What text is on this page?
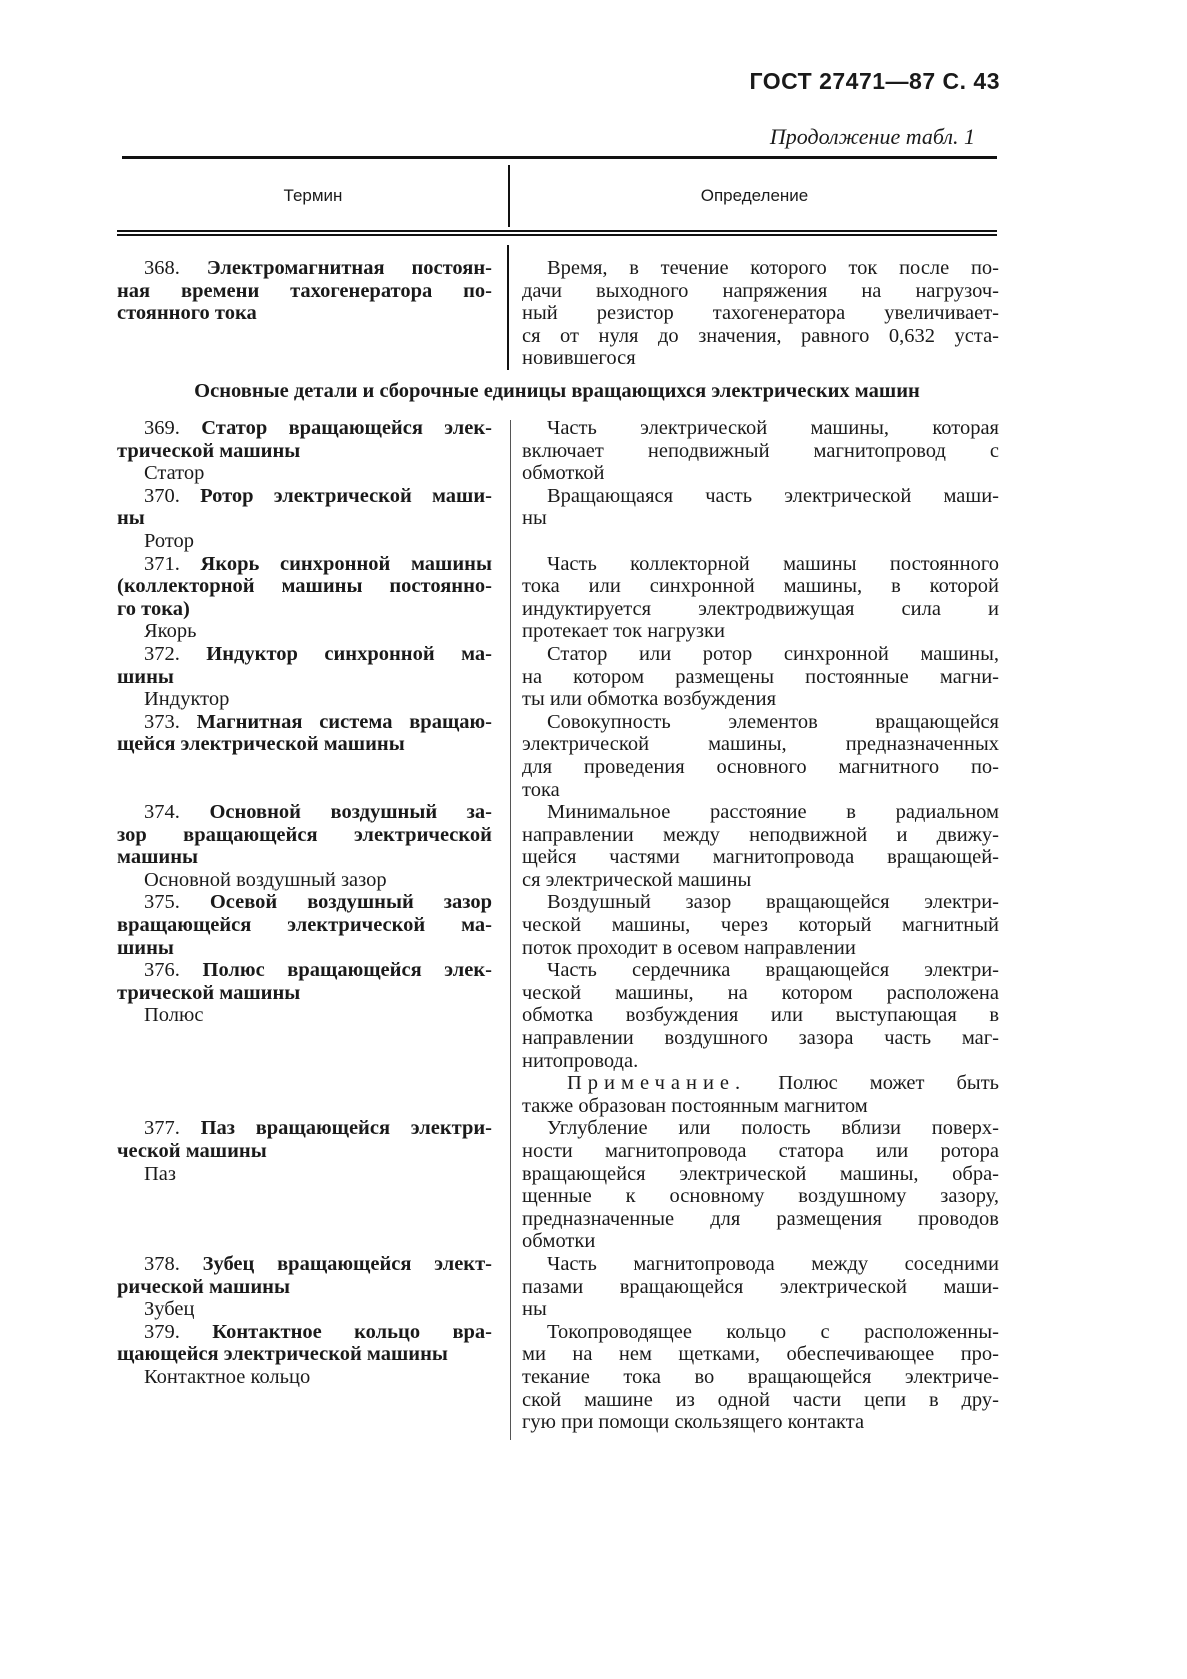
ГОСТ 27471—87 С. 43
Продолжение табл. 1
Термин	Определение
368. Электромагнитная постоян-
ная времени тахогенератора по-
стоянного тока
Время, в течение которого ток после по-
дачи выходного напряжения на нагрузоч-
ный резистор тахогенератора увеличивает-
ся от нуля до значения, равного 0,632 уста-
новившегося
Основные детали и сборочные единицы вращающихся электрических машин
369. Статор вращающейся элек-
трической машины
Статор
Часть электрической машины, которая
включает неподвижный магнитопровод с
обмоткой
370. Ротор электрической маши-
ны
Ротор
Вращающаяся часть электрической маши-
ны
371. Якорь синхронной машины
(коллекторной машины постоянно-
го тока)
Якорь
Часть коллекторной машины постоянного
тока или синхронной машины, в которой
индуктируется электродвижущая сила и
протекает ток нагрузки
372. Индуктор синхронной ма-
шины
Индуктор
Статор или ротор синхронной машины,
на котором размещены постоянные магни-
ты или обмотка возбуждения
373. Магнитная система вращаю-
щейся электрической машины
Совокупность элементов вращающейся
электрической машины, предназначенных
для проведения основного магнитного по-
тока
374. Основной воздушный за-
зор вращающейся электрической
машины
Основной воздушный зазор
Минимальное расстояние в радиальном
направлении между неподвижной и движу-
щейся частями магнитопровода вращающей-
ся электрической машины
375. Осевой воздушный зазор
вращающейся электрической ма-
шины
Воздушный зазор вращающейся электри-
ческой машины, через который магнитный
поток проходит в осевом направлении
376. Полюс вращающейся элек-
трической машины
Полюс
Часть сердечника вращающейся электри-
ческой машины, на котором расположена
обмотка возбуждения или выступающая в
направлении воздушного зазора часть маг-
нитопровода.
Примечание. Полюс может быть
также образован постоянным магнитом
377. Паз вращающейся электри-
ческой машины
Паз
Углубление или полость вблизи поверх-
ности магнитопровода статора или ротора
вращающейся электрической машины, обра-
щенные к основному воздушному зазору,
предназначенные для размещения проводов
обмотки
378. Зубец вращающейся элект-
рической машины
Зубец
Часть магнитопровода между соседними
пазами вращающейся электрической маши-
ны
379. Контактное кольцо вра-
щающейся электрической машины
Контактное кольцо
Токопроводящее кольцо с расположенны-
ми на нем щетками, обеспечивающее про-
текание тока во вращающейся электриче-
ской машине из одной части цепи в дру-
гую при помощи скользящего контакта
